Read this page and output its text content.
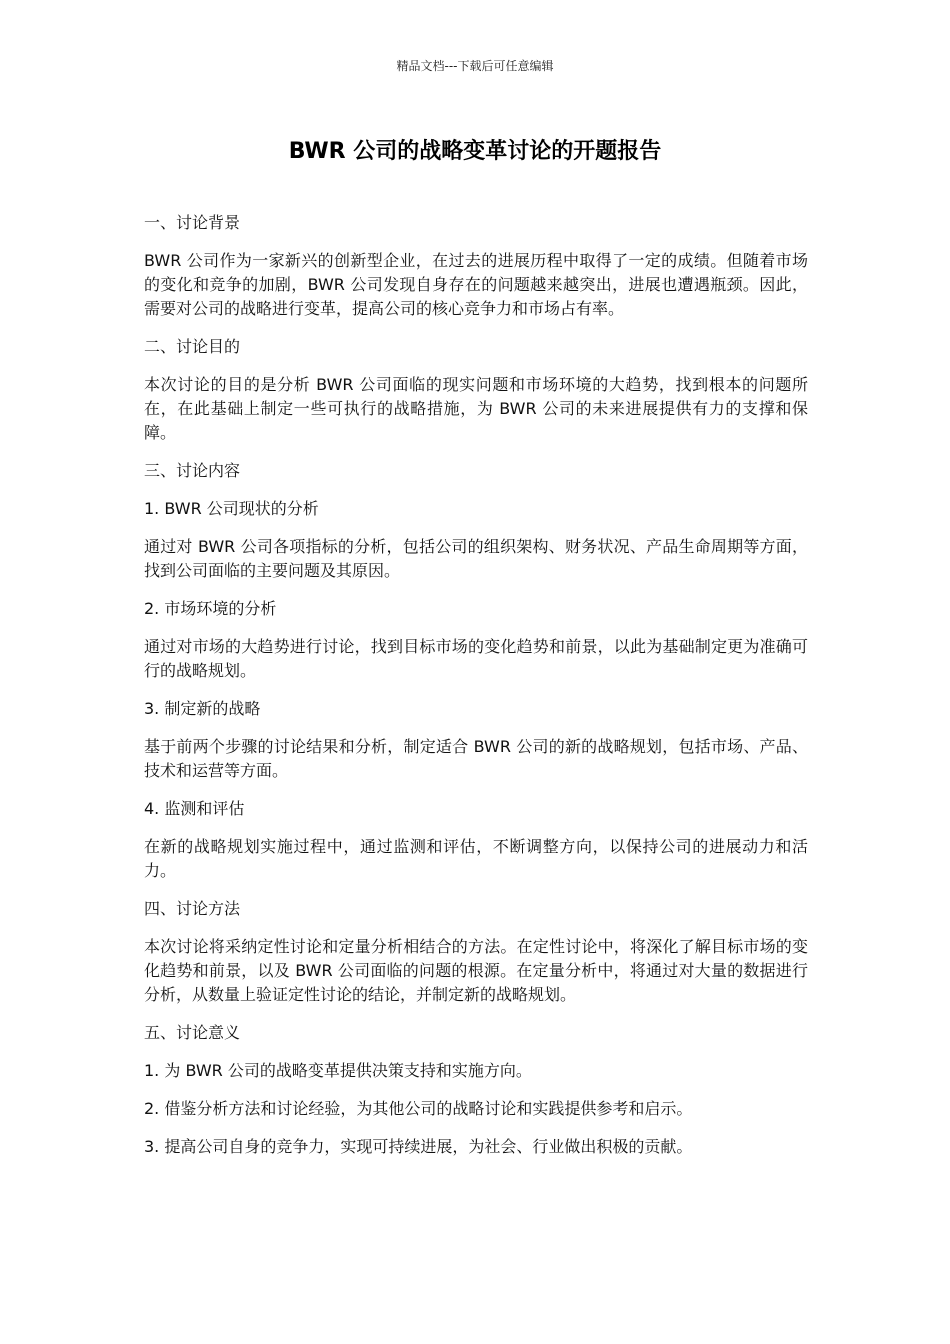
精品文档---下载后可任意编辑
BWR 公司的战略变革讨论的开题报告

一、讨论背景

BWR 公司作为一家新兴的创新型企业，在过去的进展历程中取得了一定的成绩。但随着市场的变化和竞争的加剧，BWR 公司发现自身存在的问题越来越突出，进展也遭遇瓶颈。因此，需要对公司的战略进行变革，提高公司的核心竞争力和市场占有率。

二、讨论目的

本次讨论的目的是分析 BWR 公司面临的现实问题和市场环境的大趋势，找到根本的问题所在，在此基础上制定一些可执行的战略措施，为 BWR 公司的未来进展提供有力的支撑和保障。

三、讨论内容

1. BWR 公司现状的分析

通过对 BWR 公司各项指标的分析，包括公司的组织架构、财务状况、产品生命周期等方面，找到公司面临的主要问题及其原因。

2. 市场环境的分析

通过对市场的大趋势进行讨论，找到目标市场的变化趋势和前景，以此为基础制定更为准确可行的战略规划。

3. 制定新的战略

基于前两个步骤的讨论结果和分析，制定适合 BWR 公司的新的战略规划，包括市场、产品、技术和运营等方面。

4. 监测和评估

在新的战略规划实施过程中，通过监测和评估，不断调整方向，以保持公司的进展动力和活力。

四、讨论方法

本次讨论将采纳定性讨论和定量分析相结合的方法。在定性讨论中，将深化了解目标市场的变化趋势和前景，以及 BWR 公司面临的问题的根源。在定量分析中，将通过对大量的数据进行分析，从数量上验证定性讨论的结论，并制定新的战略规划。

五、讨论意义

1. 为 BWR 公司的战略变革提供决策支持和实施方向。

2. 借鉴分析方法和讨论经验，为其他公司的战略讨论和实践提供参考和启示。

3. 提高公司自身的竞争力，实现可持续进展，为社会、行业做出积极的贡献。
